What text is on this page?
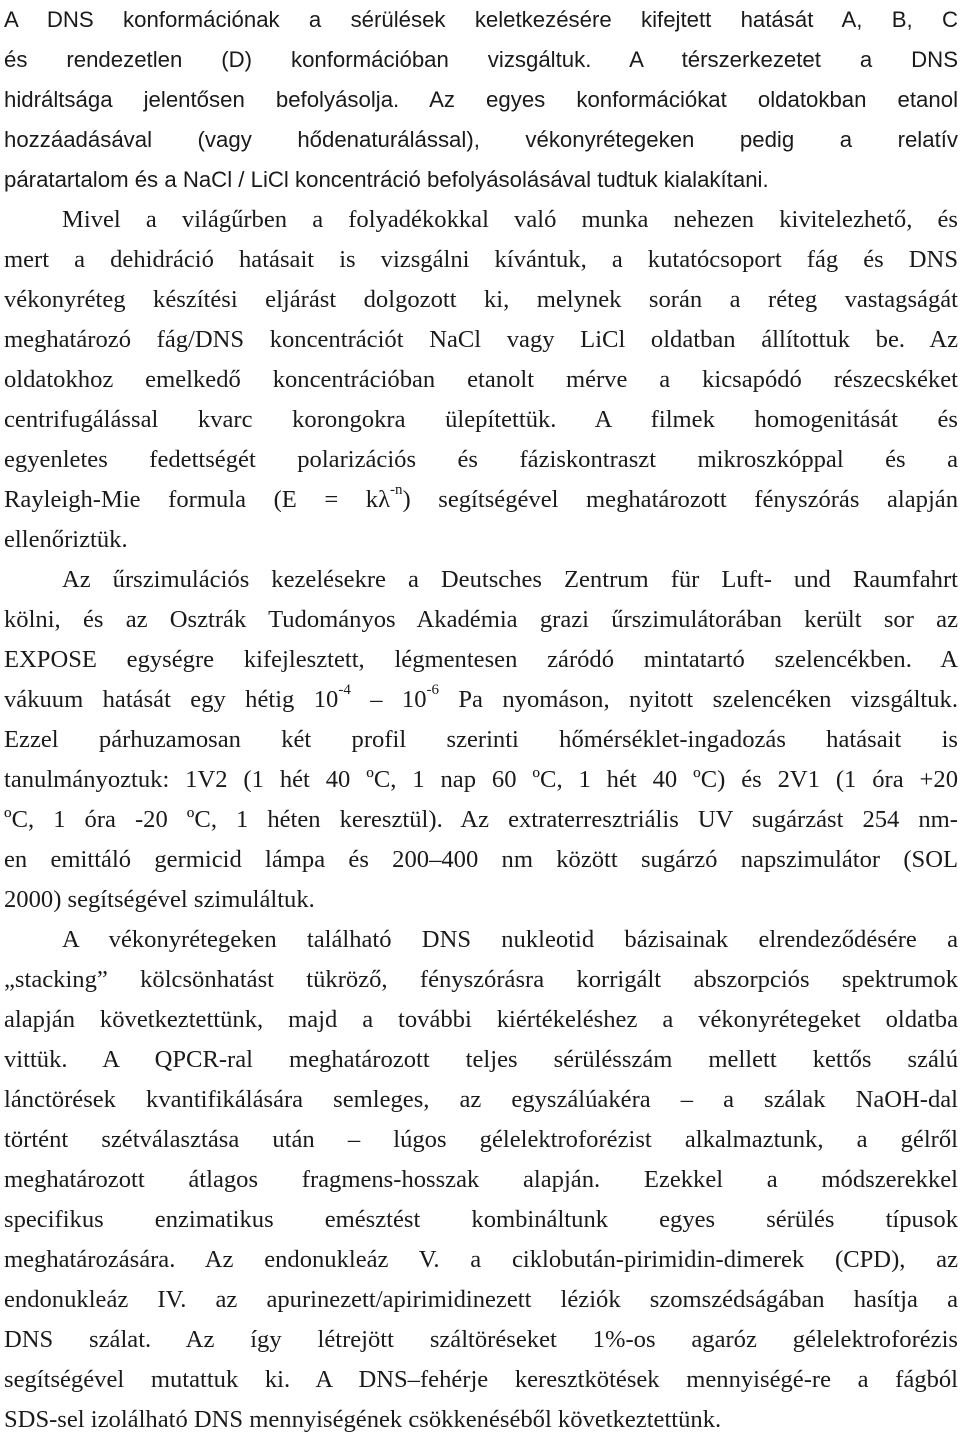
A DNS konformációnak a sérülések keletkezésére kifejtett hatását A, B, C
és rendezetlen (D) konformációban vizsgáltuk. A térszerkezetet a DNS
hidráltsága jelentősen befolyásolja. Az egyes konformációkat oldatokban etanol
hozzáadásával (vagy hődenaturálással), vékonyrétegeken pedig a relatív
páratartalom és a NaCl / LiCl koncentráció befolyásolásával tudtuk kialakítani.
Mivel a világűrben a folyadékokkal való munka nehezen kivitelezhető, és
mert a dehidráció hatásait is vizsgálni kívántuk, a kutatócsoport fág és DNS
vékonyréteg készítési eljárást dolgozott ki, melynek során a réteg vastagságát
meghatározó fág/DNS koncentrációt NaCl vagy LiCl oldatban állítottuk be. Az
oldatokhoz emelkedő koncentrációban etanolt mérve a kicsapódó részecskéket
centrifugálással kvarc korongokra ülepítettük. A filmek homogenitását és
egyenletes fedettségét polarizációs és fáziskontraszt mikroszkóppal és a
Rayleigh-Mie formula $(E = k\lambda^{-n})$ segítségével meghatározott fényszórás alapján
ellenőriztük.
Az űrszimulációs kezelésekre a Deutsches Zentrum für Luft- und Raumfahrt
kölni, és az Osztrák Tudományos Akadémia grazi űrszimulátorában került sor az
EXPOSE egységre kifejlesztett, légmentesen záródó mintatartó szelencékben. A
vákuum hatását egy hétig $10^{-4} - 10^{-6}$ Pa nyomáson, nyitott szelencéken vizsgáltuk.
Ezzel párhuzamosan két profil szerinti hőmérséklet-ingadozás hatásait is
tanulmányoztuk: 1V2 (1 hét 40 ºC, 1 nap 60 ºC, 1 hét 40 ºC) és 2V1 (1 óra +20
ºC, 1 óra -20 ºC, 1 héten keresztül). Az extraterresztriális UV sugárzást 254 nm-
en emittáló germicid lámpa és 200–400 nm között sugárzó napszimulátor (SOL
2000) segítségével szimuláltuk.
A vékonyrétegeken található DNS nukleotid bázisainak elrendeződésére a
„stacking” kölcsönhatást tükröző, fényszórásra korrigált abszorpciós spektrumok
alapján következtettünk, majd a további kiértékeléshez a vékonyrétegeket oldatba
vittük. A QPCR-ral meghatározott teljes sérülésszám mellett kettős szálú
lánctörések kvantifikálására semleges, az egyszálúakéra – a szálak NaOH-dal
történt szétválasztása után – lúgos gélelektroforézist alkalmaztunk, a gélről
meghatározott átlagos fragmens-hosszak alapján. Ezekkel a módszerekkel
specifikus enzimatikus emésztést kombináltunk egyes sérülés típusok
meghatározására. Az endonukleáz V. a ciklobután-pirimidin-dimerek (CPD), az
endonukleáz IV. az apurinezett/apirimidinezett léziók szomszédságában hasítja a
DNS szálat. Az így létrejött száltöréseket 1%-os agaróz gélelektroforézis
segítségével mutattuk ki. A DNS–fehérje keresztkötések mennyiségé-re a fágból
SDS-sel izolálható DNS mennyiségének csökkenéséből következtettünk.
